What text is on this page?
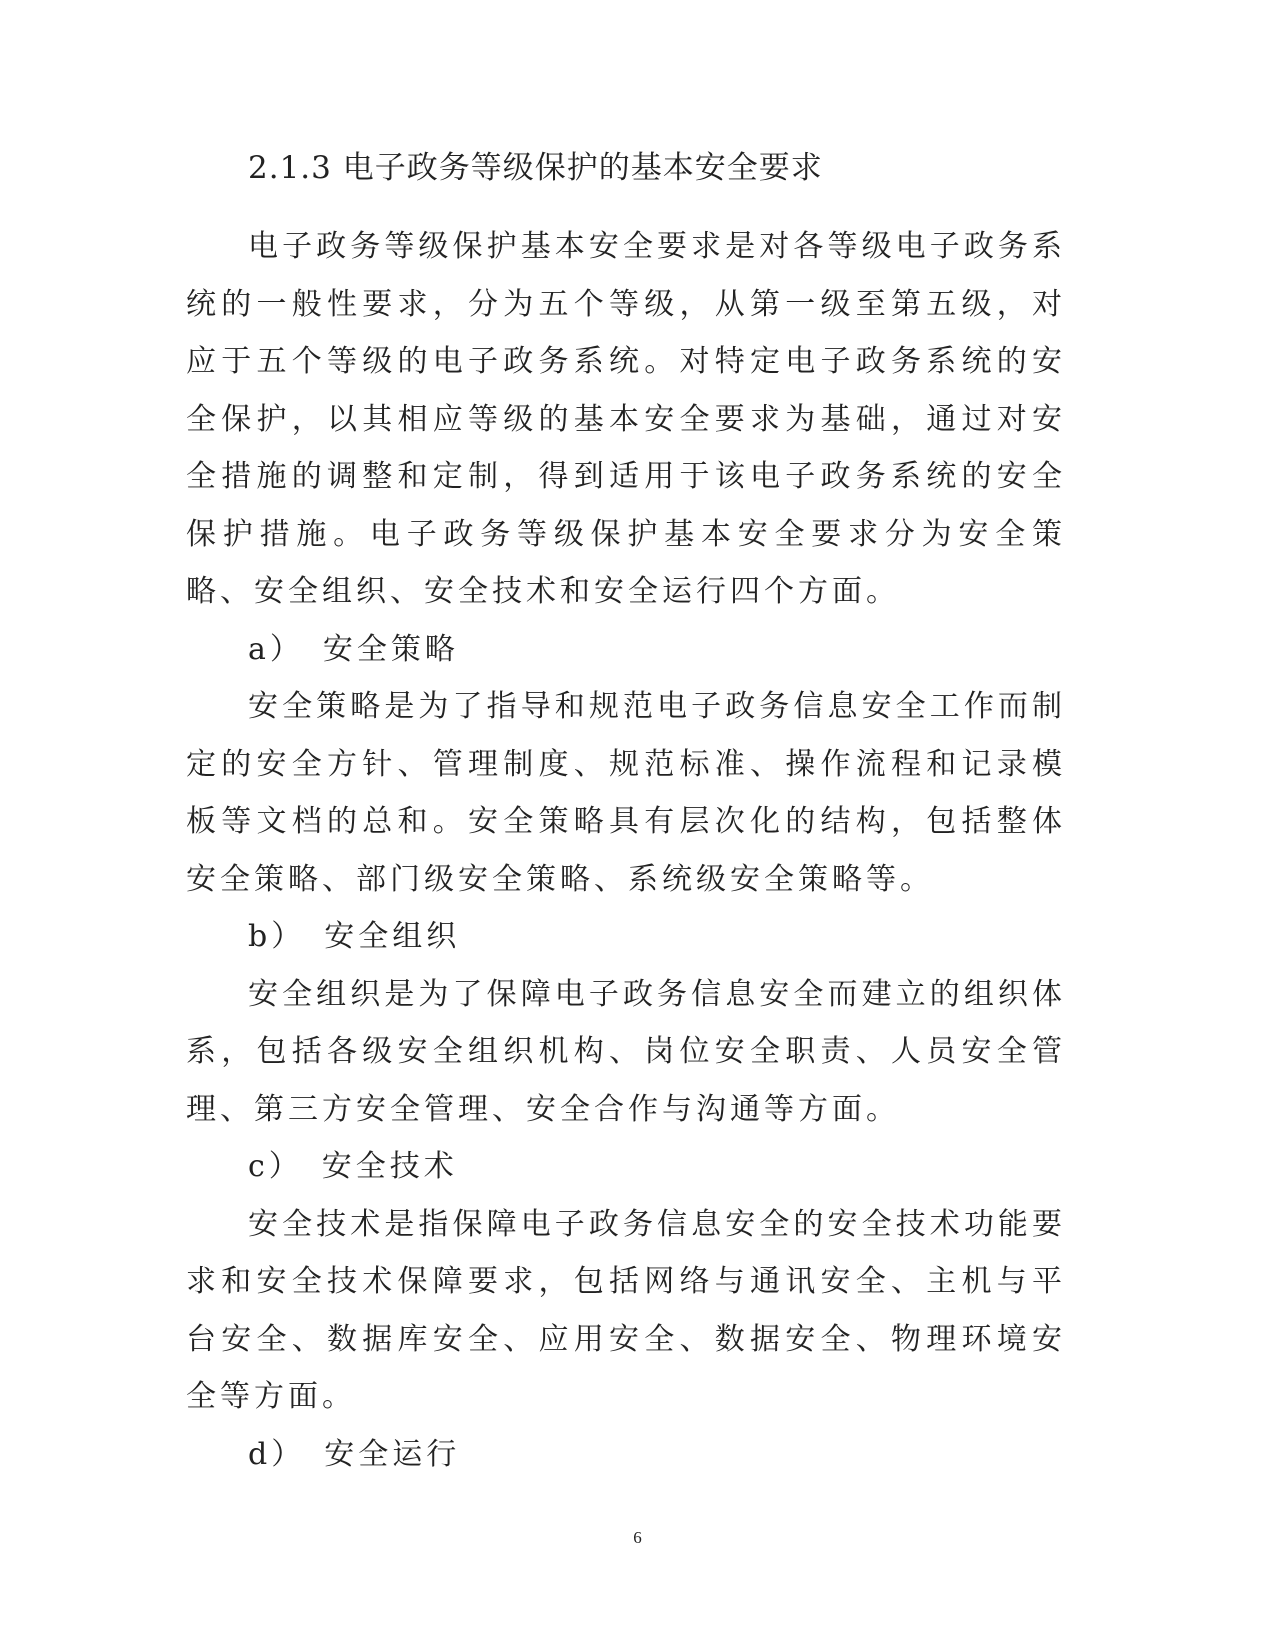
2.1.3 电子政务等级保护的基本安全要求

电子政务等级保护基本安全要求是对各等级电子政务系统的一般性要求，分为五个等级，从第一级至第五级，对应于五个等级的电子政务系统。对特定电子政务系统的安全保护，以其相应等级的基本安全要求为基础，通过对安全措施的调整和定制，得到适用于该电子政务系统的安全保护措施。电子政务等级保护基本安全要求分为安全策略、安全组织、安全技术和安全运行四个方面。

a）　安全策略

安全策略是为了指导和规范电子政务信息安全工作而制定的安全方针、管理制度、规范标准、操作流程和记录模板等文档的总和。安全策略具有层次化的结构，包括整体安全策略、部门级安全策略、系统级安全策略等。

b）　安全组织

安全组织是为了保障电子政务信息安全而建立的组织体系，包括各级安全组织机构、岗位安全职责、人员安全管理、第三方安全管理、安全合作与沟通等方面。

c）　安全技术

安全技术是指保障电子政务信息安全的安全技术功能要求和安全技术保障要求，包括网络与通讯安全、主机与平台安全、数据库安全、应用安全、数据安全、物理环境安全等方面。

d）　安全运行

6
